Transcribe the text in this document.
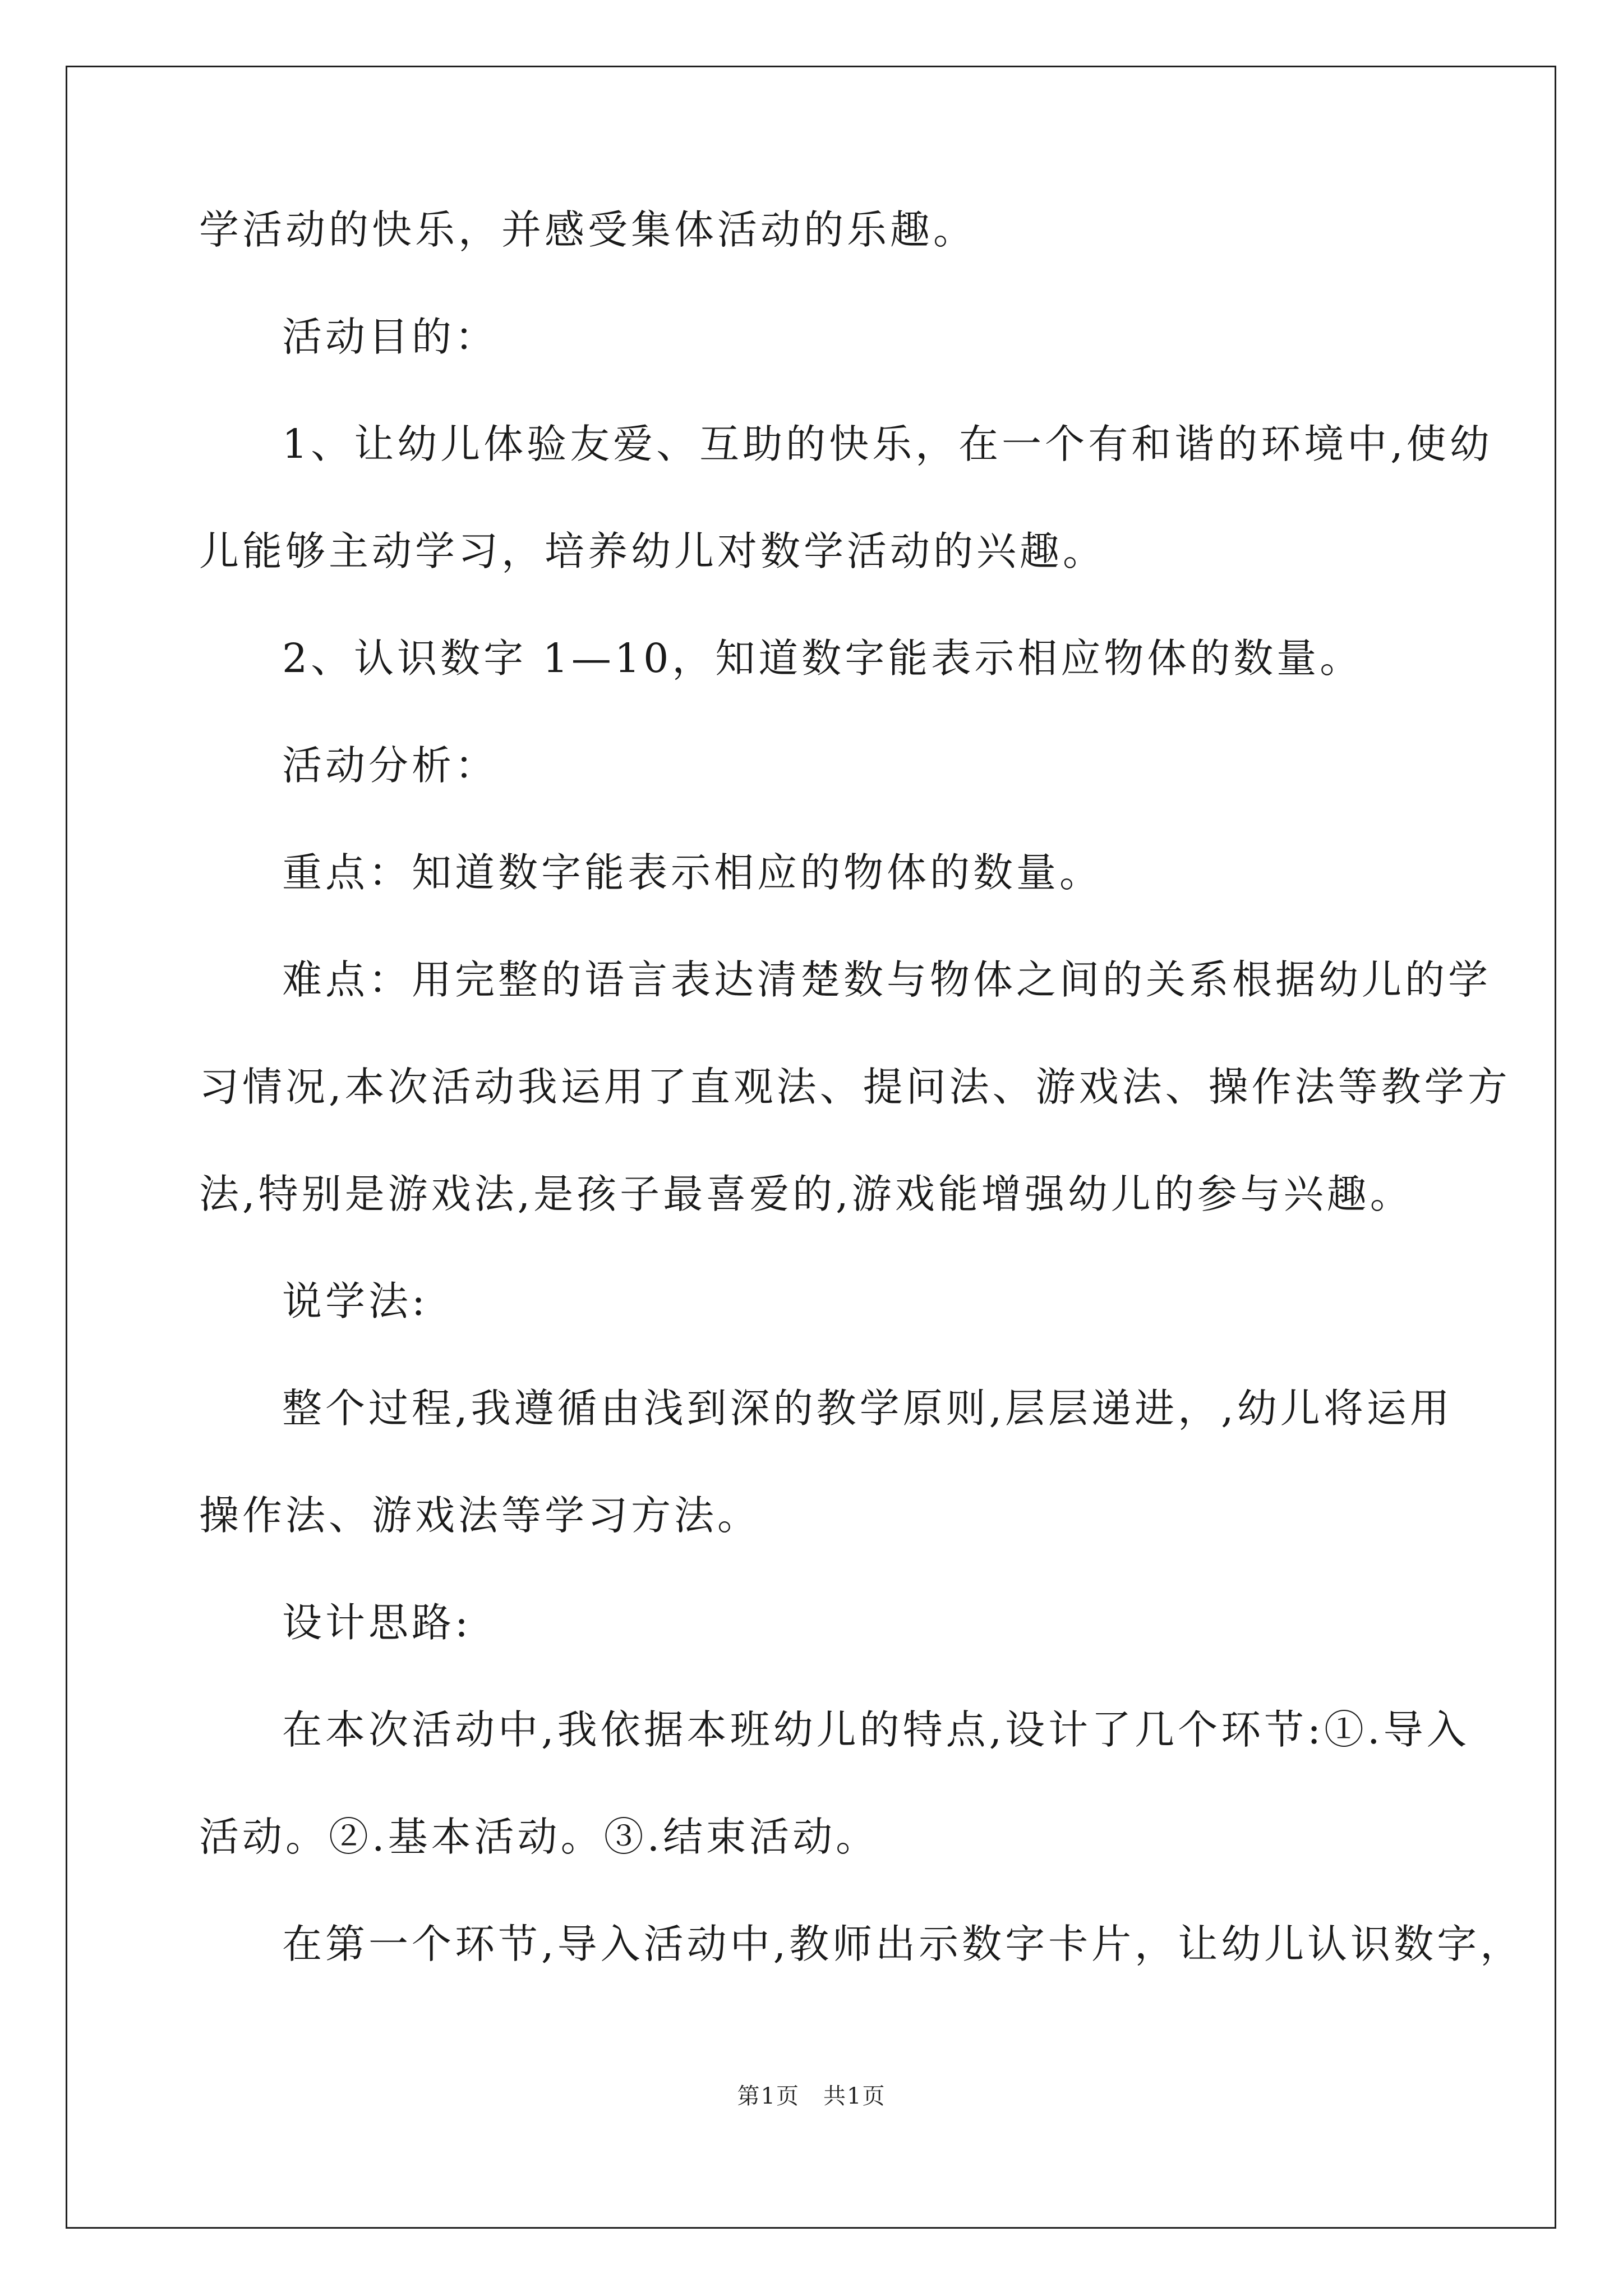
学活动的快乐，并感受集体活动的乐趣。
活动目的：
1、让幼儿体验友爱、互助的快乐，在一个有和谐的环境中,使幼
儿能够主动学习，培养幼儿对数学活动的兴趣。
2、认识数字 1—10，知道数字能表示相应物体的数量。
活动分析：
重点：知道数字能表示相应的物体的数量。
难点：用完整的语言表达清楚数与物体之间的关系根据幼儿的学
习情况,本次活动我运用了直观法、提问法、游戏法、操作法等教学方
法,特别是游戏法,是孩子最喜爱的,游戏能增强幼儿的参与兴趣。
说学法:
整个过程,我遵循由浅到深的教学原则,层层递进，,幼儿将运用
操作法、游戏法等学习方法。
设计思路:
在本次活动中,我依据本班幼儿的特点,设计了几个环节:①.导入
活动。②.基本活动。③.结束活动。
在第一个环节,导入活动中,教师出示数字卡片，让幼儿认识数字，
第1页　共1页
